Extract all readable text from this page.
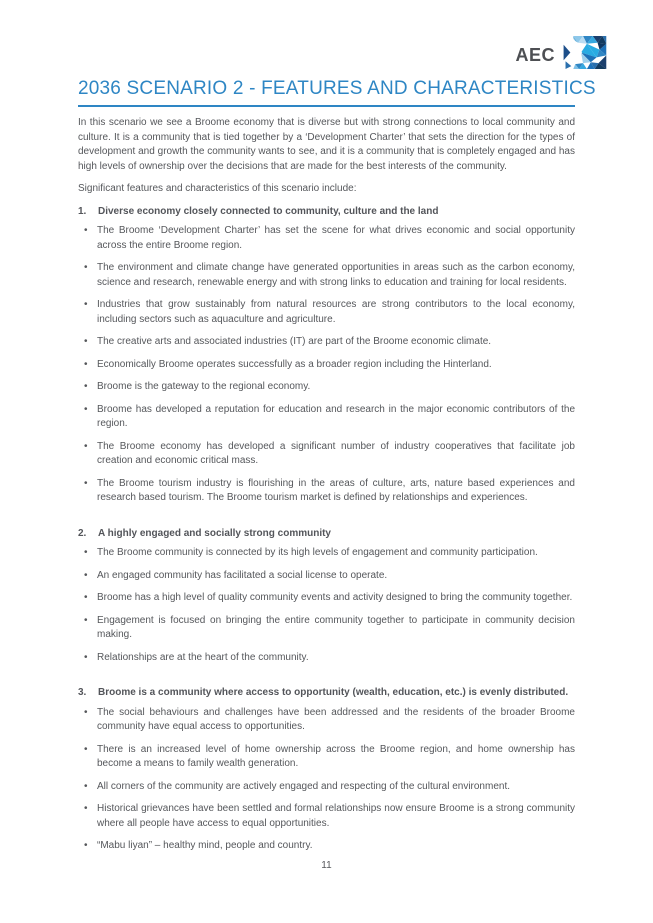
AEC
2036 SCENARIO 2 - FEATURES AND CHARACTERISTICS

In this scenario we see a Broome economy that is diverse but with strong connections to local community and culture. It is a community that is tied together by a ‘Development Charter’ that sets the direction for the types of development and growth the community wants to see, and it is a community that is completely engaged and has high levels of ownership over the decisions that are made for the best interests of the community.

Significant features and characteristics of this scenario include:

1.	Diverse economy closely connected to community, culture and the land
• The Broome ‘Development Charter’ has set the scene for what drives economic and social opportunity across the entire Broome region.
• The environment and climate change have generated opportunities in areas such as the carbon economy, science and research, renewable energy and with strong links to education and training for local residents.
• Industries that grow sustainably from natural resources are strong contributors to the local economy, including sectors such as aquaculture and agriculture.
• The creative arts and associated industries (IT) are part of the Broome economic climate.
• Economically Broome operates successfully as a broader region including the Hinterland.
• Broome is the gateway to the regional economy.
• Broome has developed a reputation for education and research in the major economic contributors of the region.
• The Broome economy has developed a significant number of industry cooperatives that facilitate job creation and economic critical mass.
• The Broome tourism industry is flourishing in the areas of culture, arts, nature based experiences and research based tourism. The Broome tourism market is defined by relationships and experiences.
2.	A highly engaged and socially strong community
• The Broome community is connected by its high levels of engagement and community participation.
• An engaged community has facilitated a social license to operate.
• Broome has a high level of quality community events and activity designed to bring the community together.
• Engagement is focused on bringing the entire community together to participate in community decision making.
• Relationships are at the heart of the community.
3.	Broome is a community where access to opportunity (wealth, education, etc.) is evenly distributed.
• The social behaviours and challenges have been addressed and the residents of the broader Broome community have equal access to opportunities.
• There is an increased level of home ownership across the Broome region, and home ownership has become a means to family wealth generation.
• All corners of the community are actively engaged and respecting of the cultural environment.
• Historical grievances have been settled and formal relationships now ensure Broome is a strong community where all people have access to equal opportunities.
• “Mabu liyan” – healthy mind, people and country.
11
